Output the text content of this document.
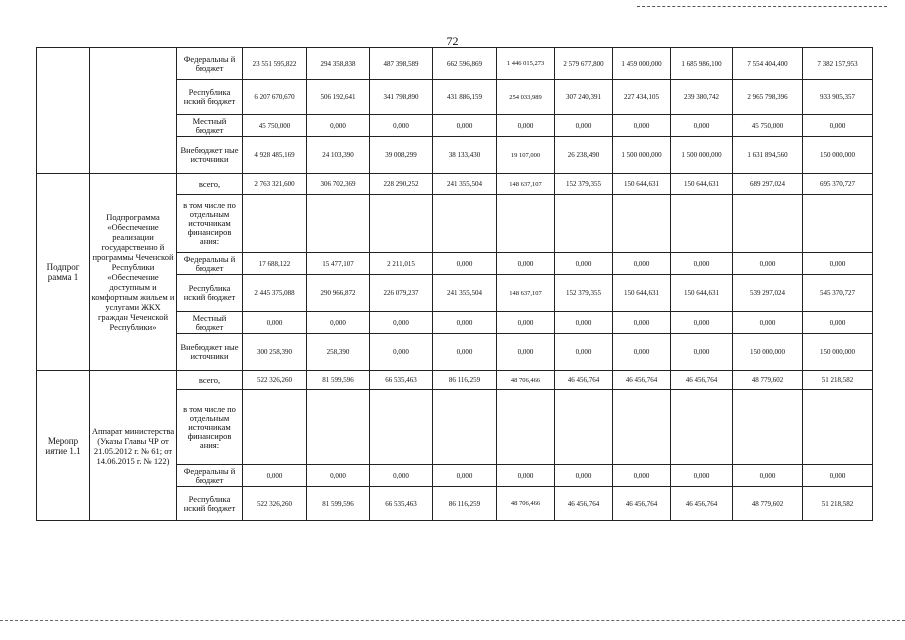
72
		Федеральны й бюджет	23 551 595,822	294 358,838	487 398,589	662 596,869	1 446 015,273	2 579 677,800	1 459 000,000	1 685 986,100	7 554 404,400	7 382 157,953
		Республика нский бюджет	6 207 670,670	506 192,641	341 798,890	431 886,159	254 033,989	307 240,391	227 434,105	239 380,742	2 965 798,396	933 905,357
		Местный бюджет	45 750,000	0,000	0,000	0,000	0,000	0,000	0,000	0,000	45 750,000	0,000
		Внебюджет ные источники	4 928 485,169	24 103,390	39 008,299	38 133,430	19 107,000	26 238,490	1 500 000,000	1 500 000,000	1 631 894,560	150 000,000
Подпрог рамма 1	Подпрограмма «Обеспечение реализации государственно й программы Чеченской Республики «Обеспечение доступным и комфортным жильем и услугами ЖКХ граждан Чеченской Республики»	всего,	2 763 321,600	306 702,369	228 290,252	241 355,504	148 637,107	152 379,355	150 644,631	150 644,631	689 297,024	695 370,727
		в том числе по отдельным источникам финансиров ания:										
		Федеральны й бюджет	17 688,122	15 477,107	2 211,015	0,000	0,000	0,000	0,000	0,000	0,000	0,000
		Республика нский бюджет	2 445 375,088	290 966,872	226 079,237	241 355,504	148 637,107	152 379,355	150 644,631	150 644,631	539 297,024	545 370,727
		Местный бюджет	0,000	0,000	0,000	0,000	0,000	0,000	0,000	0,000	0,000	0,000
		Внебюджет ные источники	300 258,390	258,390	0,000	0,000	0,000	0,000	0,000	0,000	150 000,000	150 000,000
Меропр иятие 1.1	Аппарат министерства (Указы Главы ЧР от 21.05.2012 г. № 61; от 14.06.2015 г. № 122)	всего,	522 326,260	81 599,596	66 535,463	86 116,259	48 706,466	46 456,764	46 456,764	46 456,764	48 779,602	51 218,582
		в том числе по отдельным источникам финансиров ания:										
		Федеральны й бюджет	0,000	0,000	0,000	0,000	0,000	0,000	0,000	0,000	0,000	0,000
		Республика нский бюджет	522 326,260	81 599,596	66 535,463	86 116,259	48 706,466	46 456,764	46 456,764	46 456,764	48 779,602	51 218,582
